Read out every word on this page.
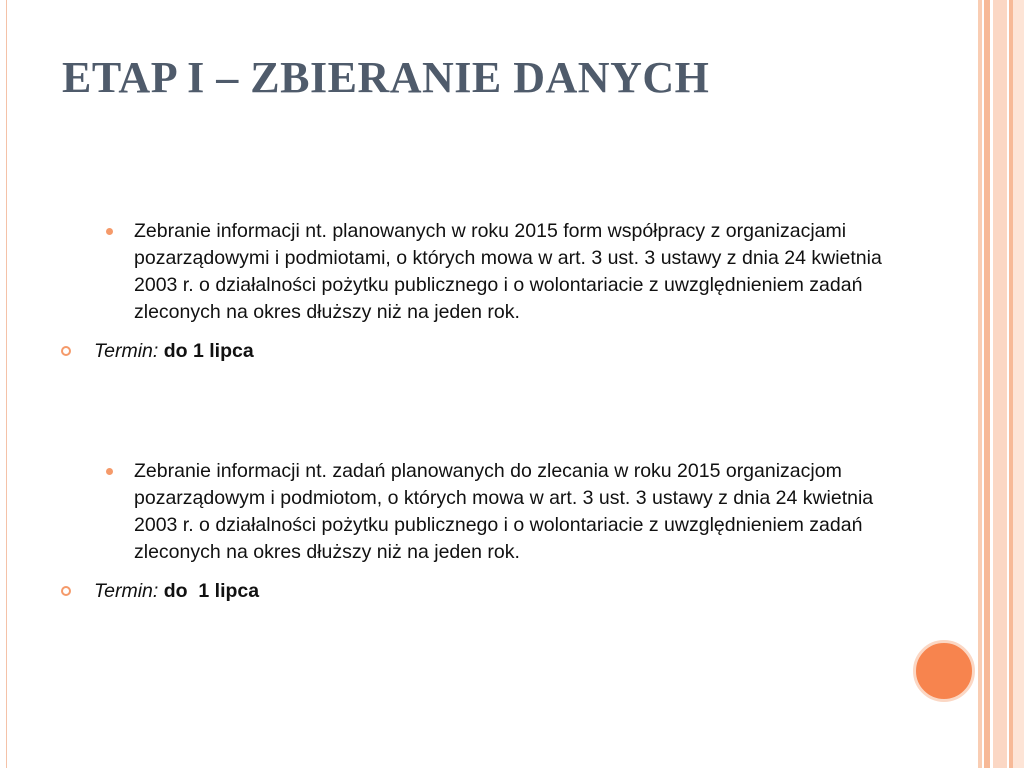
ETAP I – ZBIERANIE DANYCH
Zebranie informacji nt. planowanych w roku 2015 form współpracy z organizacjami pozarządowymi i podmiotami, o których mowa w art. 3 ust. 3 ustawy z dnia 24 kwietnia 2003 r. o działalności pożytku publicznego i o wolontariacie z uwzględnieniem zadań zleconych na okres dłuższy niż na jeden rok.
Termin: do 1 lipca
Zebranie informacji nt. zadań planowanych do zlecania w roku 2015 organizacjom pozarządowym i podmiotom, o których mowa w art. 3 ust. 3 ustawy z dnia 24 kwietnia 2003 r. o działalności pożytku publicznego i o wolontariacie z uwzględnieniem zadań zleconych na okres dłuższy niż na jeden rok.
Termin: do  1 lipca
